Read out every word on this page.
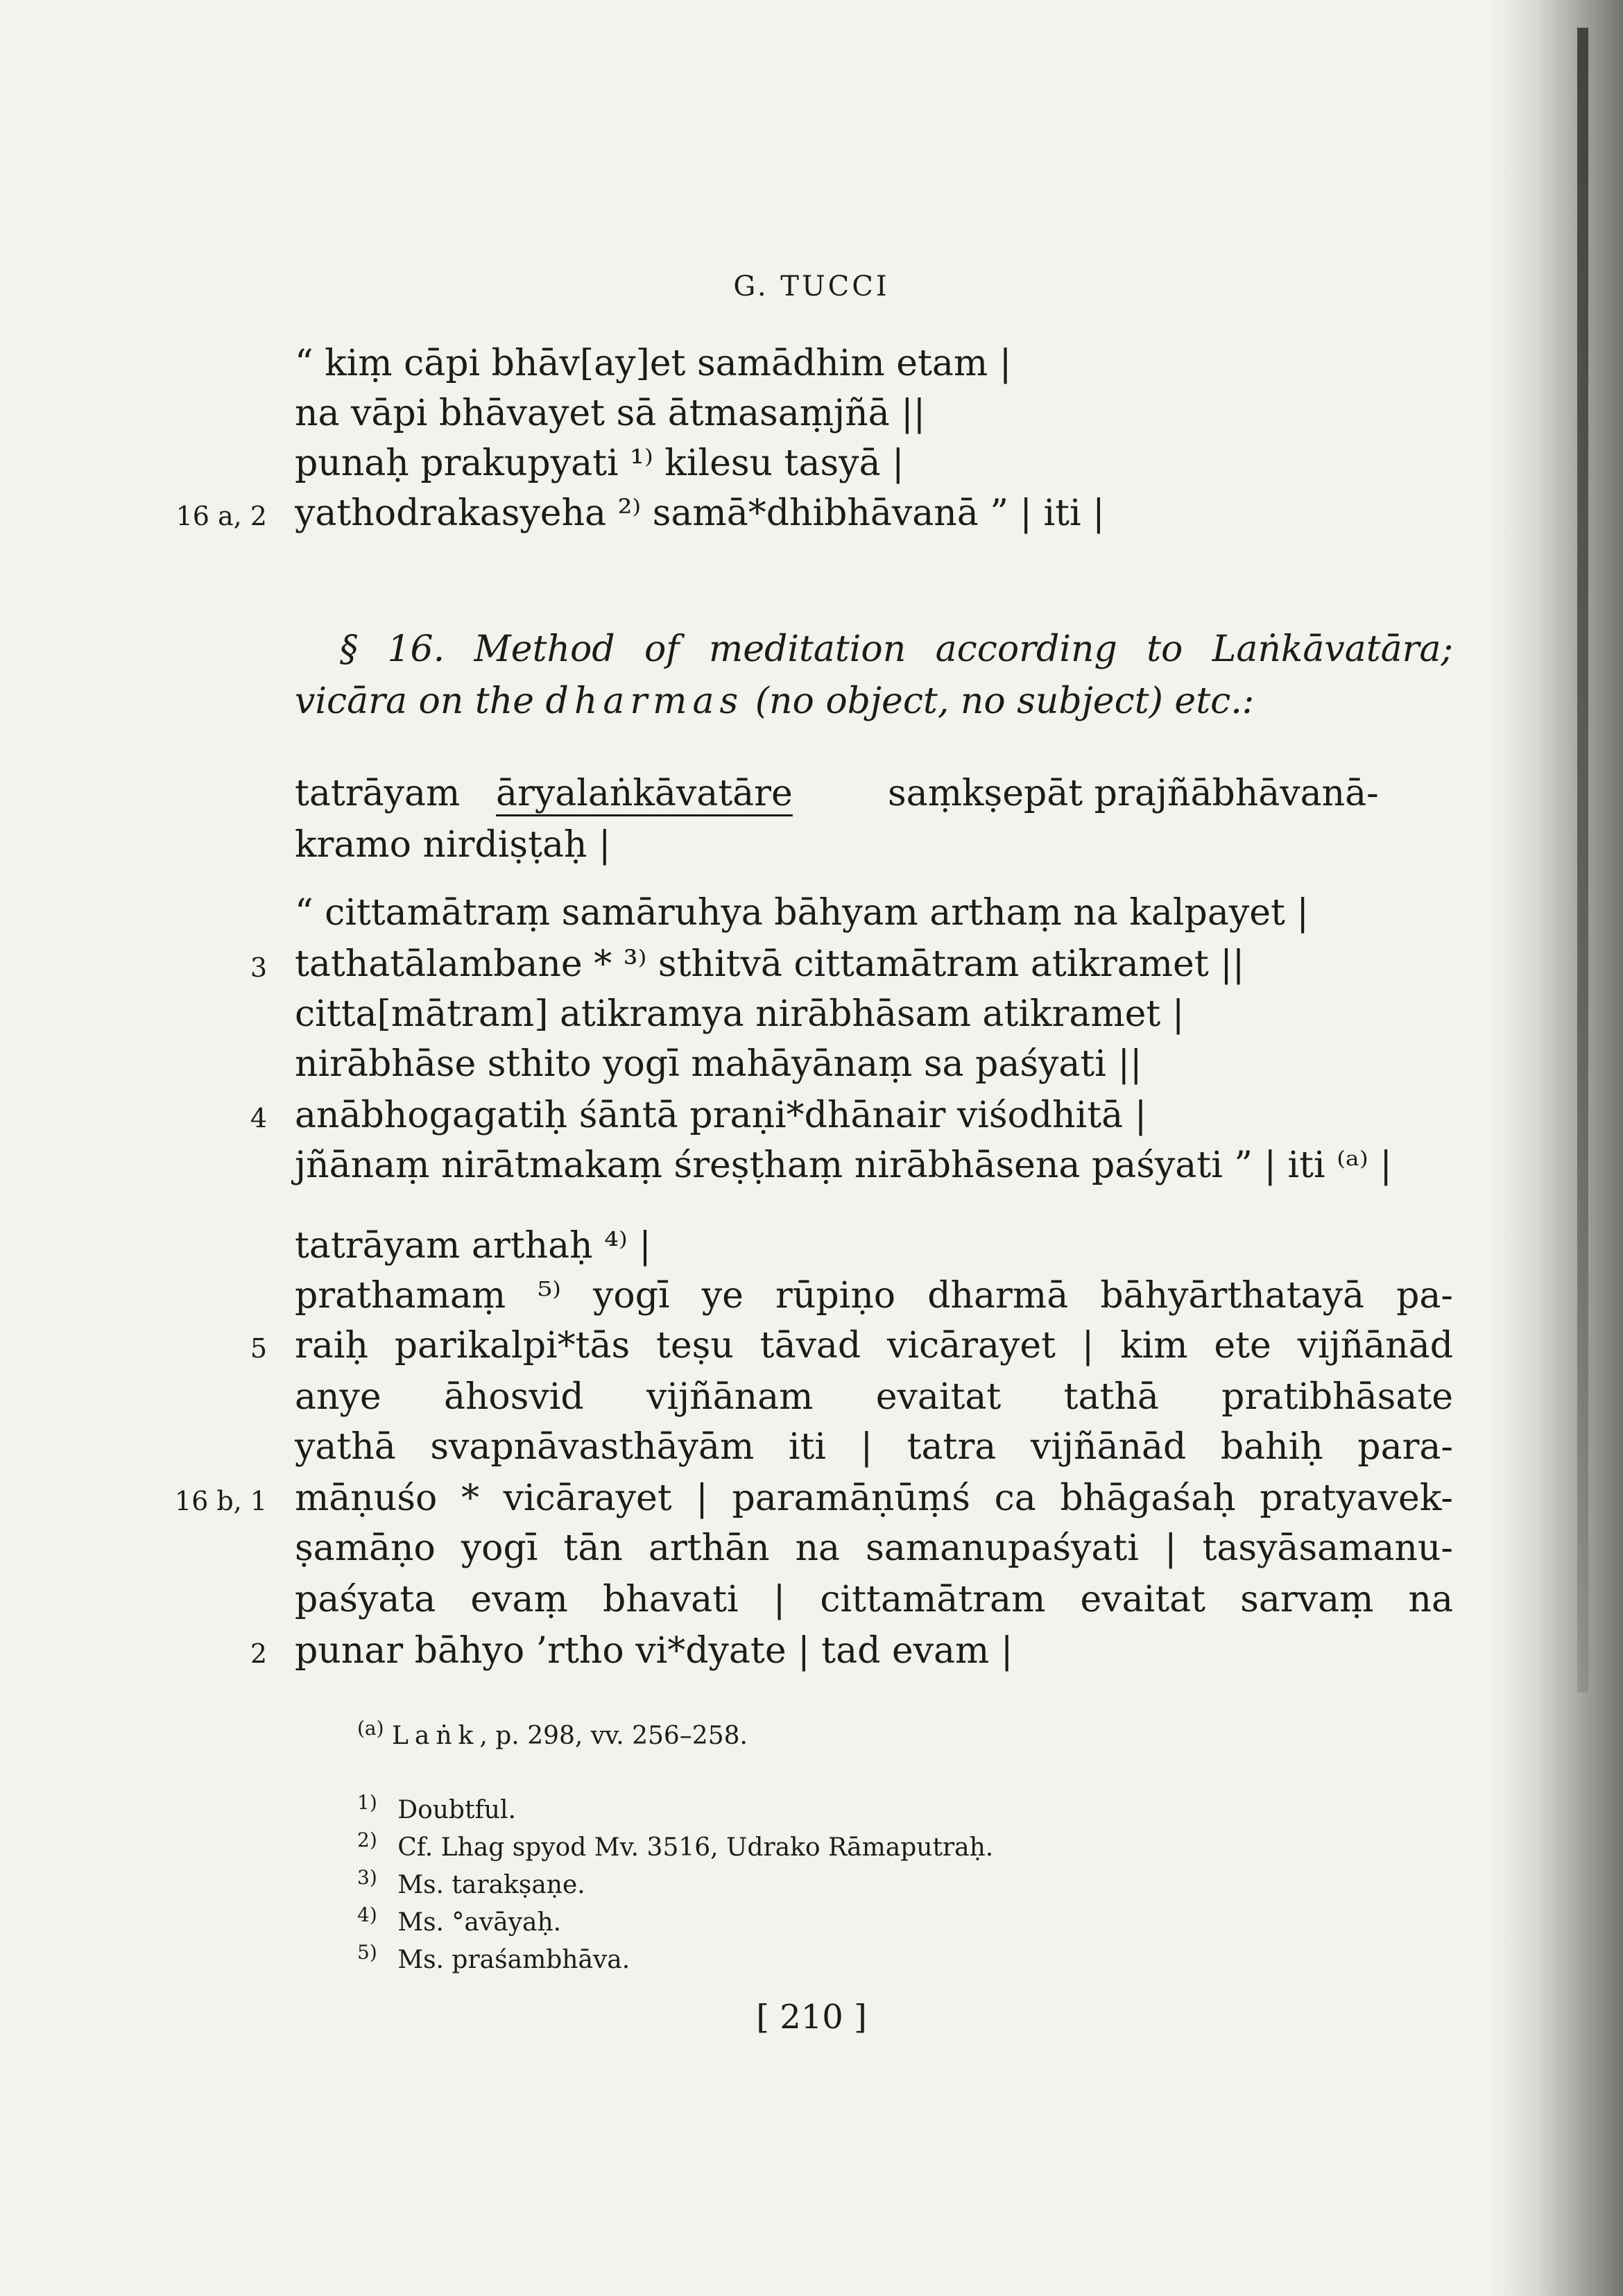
G. TUCCI
“ kiṃ cāpi bhāv[ay]et samādhim etam |
na vāpi bhāvayet sā ātmasaṃjñā ||
punaḥ prakupyati ¹⁾ kilesu tasyā |
16 a, 2 yathodrakasyeha ²⁾ samā*dhibhāvanā ” | iti |
§ 16. Method of meditation according to Laṅkāvatāra;
vicāra on the dharmas (no object, no subject) etc.:
tatrāyam āryalaṅkāvatāre	saṃkṣepāt prajñābhāvanā-
kramo nirdiṣṭaḥ |
“ cittamātraṃ samāruhya bāhyam arthaṃ na kalpayet |
3 tathatālambane * ³⁾ sthitvā cittamātram atikramet ||
citta[mātram] atikramya nirābhāsam atikramet |
nirābhāse sthito yogī mahāyānaṃ sa paśyati ||
4 anābhogagatiḥ śāntā praṇi*dhānair viśodhitā |
jñānaṃ nirātmakaṃ śreṣṭhaṃ nirābhāsena paśyati ” | iti ⁽ᵃ⁾ |
tatrāyam arthaḥ ⁴⁾ |
prathamaṃ ⁵⁾ yogī ye rūpiṇo dharmā bāhyārthatayā pa-
5 raiḥ parikalpi*tās teṣu tāvad vicārayet | kim ete vijñānād
anye āhosvid vijñānam evaitat tathā pratibhāsate
yathā svapnāvasthāyām iti | tatra vijñānād bahiḥ para-
16 b, 1 māṇuśo * vicārayet | paramāṇūṃś ca bhāgaśaḥ pratyavek-
ṣamāṇo yogī tān arthān na samanupaśyati | tasyāsamanu-
paśyata evaṃ bhavati | cittamātram evaitat sarvaṃ na
2 punar bāhyo ’rtho vi*dyate | tad evam |
$^{(a)}$ Laṅk, p. 298, vv. 256–258.
$^{1)}$ Doubtful.
$^{2)}$ Cf. Lhag spyod Mv. 3516, Udrako Rāmaputraḥ.
$^{3)}$ Ms. tarakṣaṇe.
$^{4)}$ Ms. °avāyaḥ.
$^{5)}$ Ms. praśambhāva.
[ 210 ]
